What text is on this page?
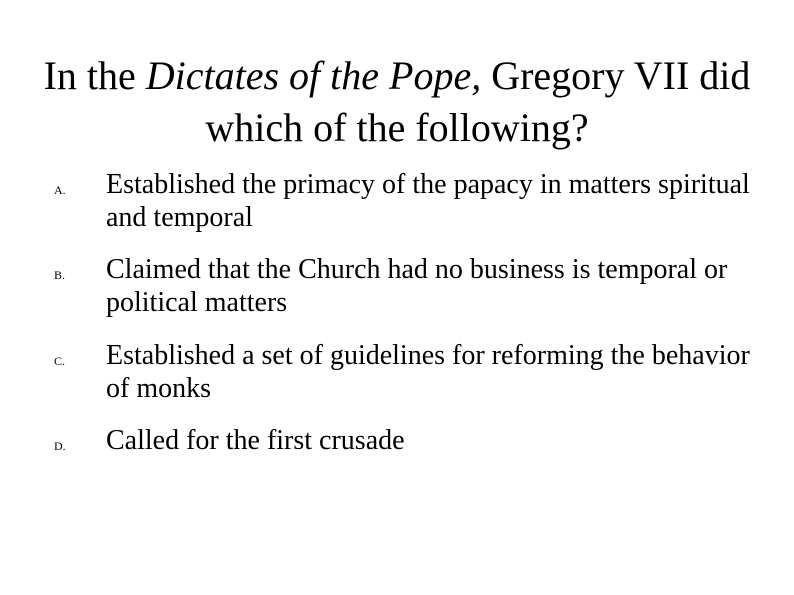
In the Dictates of the Pope, Gregory VII did which of the following?
A.	Established the primacy of the papacy in matters spiritual and temporal
B.	Claimed that the Church had no business is temporal or political matters
C.	Established a set of guidelines for reforming the behavior of monks
D.	Called for the first crusade
